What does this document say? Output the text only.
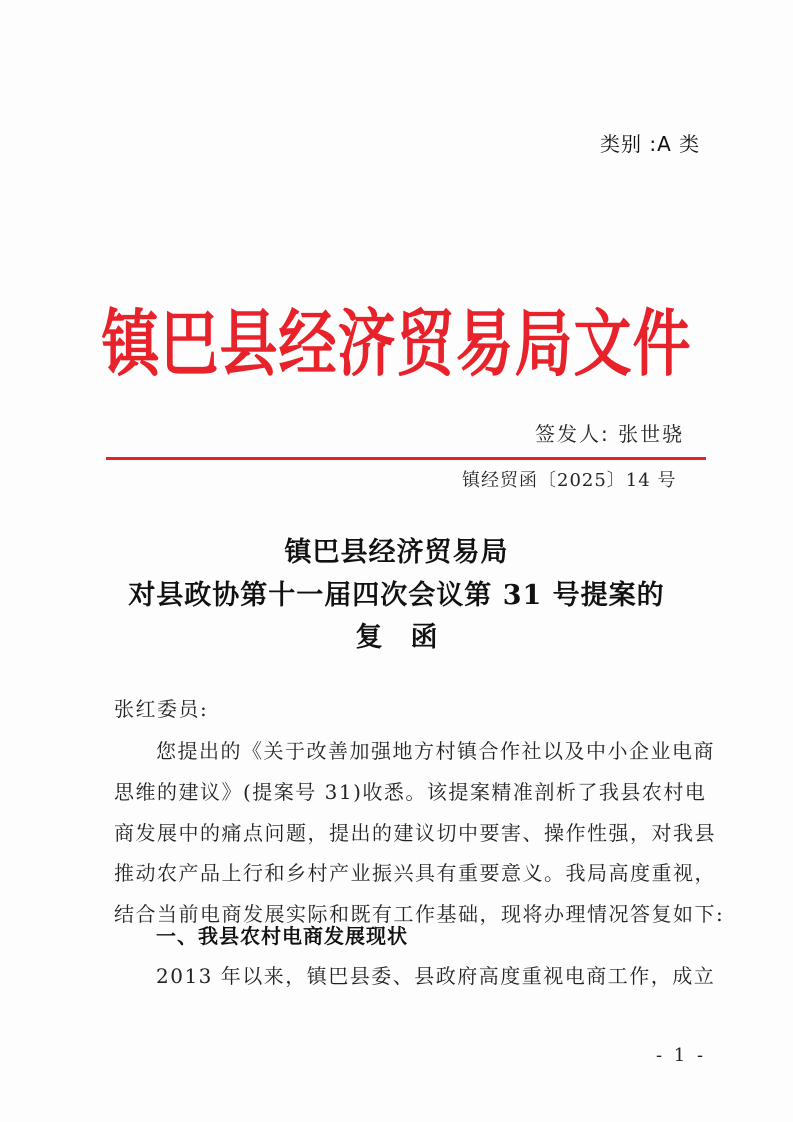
类别 :A 类
镇巴县经济贸易局文件
签发人: 张世骁
镇经贸函〔2025〕14 号
镇巴县经济贸易局
对县政协第十一届四次会议第 31 号提案的
复函
张红委员:
您提出的《关于改善加强地方村镇合作社以及中小企业电商
思维的建议》(提案号 31)收悉。该提案精准剖析了我县农村电
商发展中的痛点问题，提出的建议切中要害、操作性强，对我县
推动农产品上行和乡村产业振兴具有重要意义。我局高度重视，
结合当前电商发展实际和既有工作基础，现将办理情况答复如下:
一、我县农村电商发展现状
2013 年以来，镇巴县委、县政府高度重视电商工作，成立
- 1 -
